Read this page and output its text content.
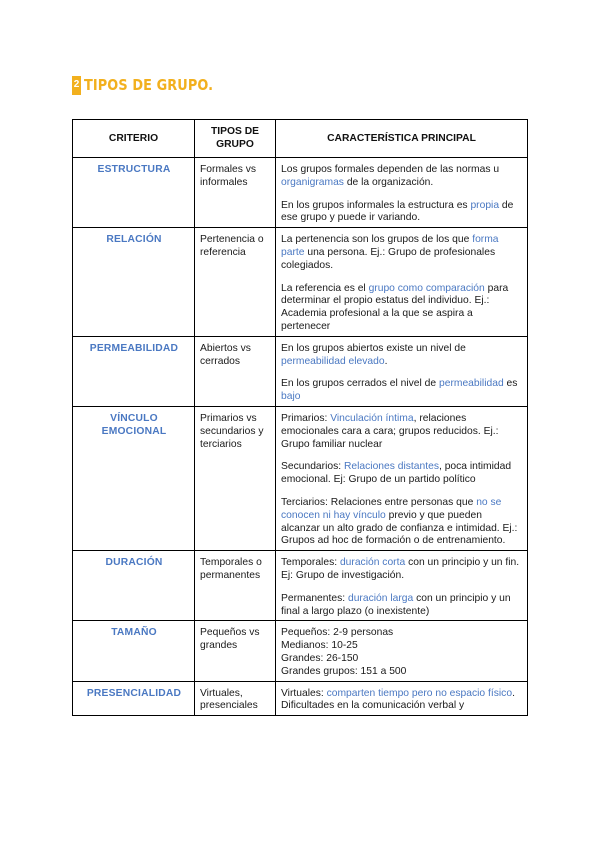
2 TIPOS DE GRUPO.
CRITERIO	TIPOS DE GRUPO	CARACTERÍSTICA PRINCIPAL
ESTRUCTURA	Formales vs informales	Los grupos formales dependen de las normas u organigramas de la organización.
En los grupos informales la estructura es propia de ese grupo y puede ir variando.

RELACIÓN	Pertenencia o referencia	La pertenencia son los grupos de los que forma parte una persona. Ej.: Grupo de profesionales colegiados.
La referencia es el grupo como comparación para determinar el propio estatus del individuo. Ej.: Academia profesional a la que se aspira a pertenecer

PERMEABILIDAD	Abiertos vs cerrados	En los grupos abiertos existe un nivel de permeabilidad elevado.
En los grupos cerrados el nivel de permeabilidad es bajo

VÍNCULO EMOCIONAL	Primarios vs secundarios y terciarios	Primarios: Vinculación íntima, relaciones emocionales cara a cara; grupos reducidos. Ej.: Grupo familiar nuclear
Secundarios: Relaciones distantes, poca intimidad emocional. Ej: Grupo de un partido político
Terciarios: Relaciones entre personas que no se conocen ni hay vínculo previo y que pueden alcanzar un alto grado de confianza e intimidad. Ej.: Grupos ad hoc de formación o de entrenamiento.

DURACIÓN	Temporales o permanentes	Temporales: duración corta con un principio y un fin. Ej: Grupo de investigación.
Permanentes: duración larga con un principio y un final a largo plazo (o inexistente)

TAMAÑO	Pequeños vs grandes	Pequeños: 2-9 personas
Medianos: 10-25
Grandes: 26-150
Grandes grupos: 151 a 500

PRESENCIALIDAD	Virtuales, presenciales	Virtuales: comparten tiempo pero no espacio físico. Dificultades en la comunicación verbal y
